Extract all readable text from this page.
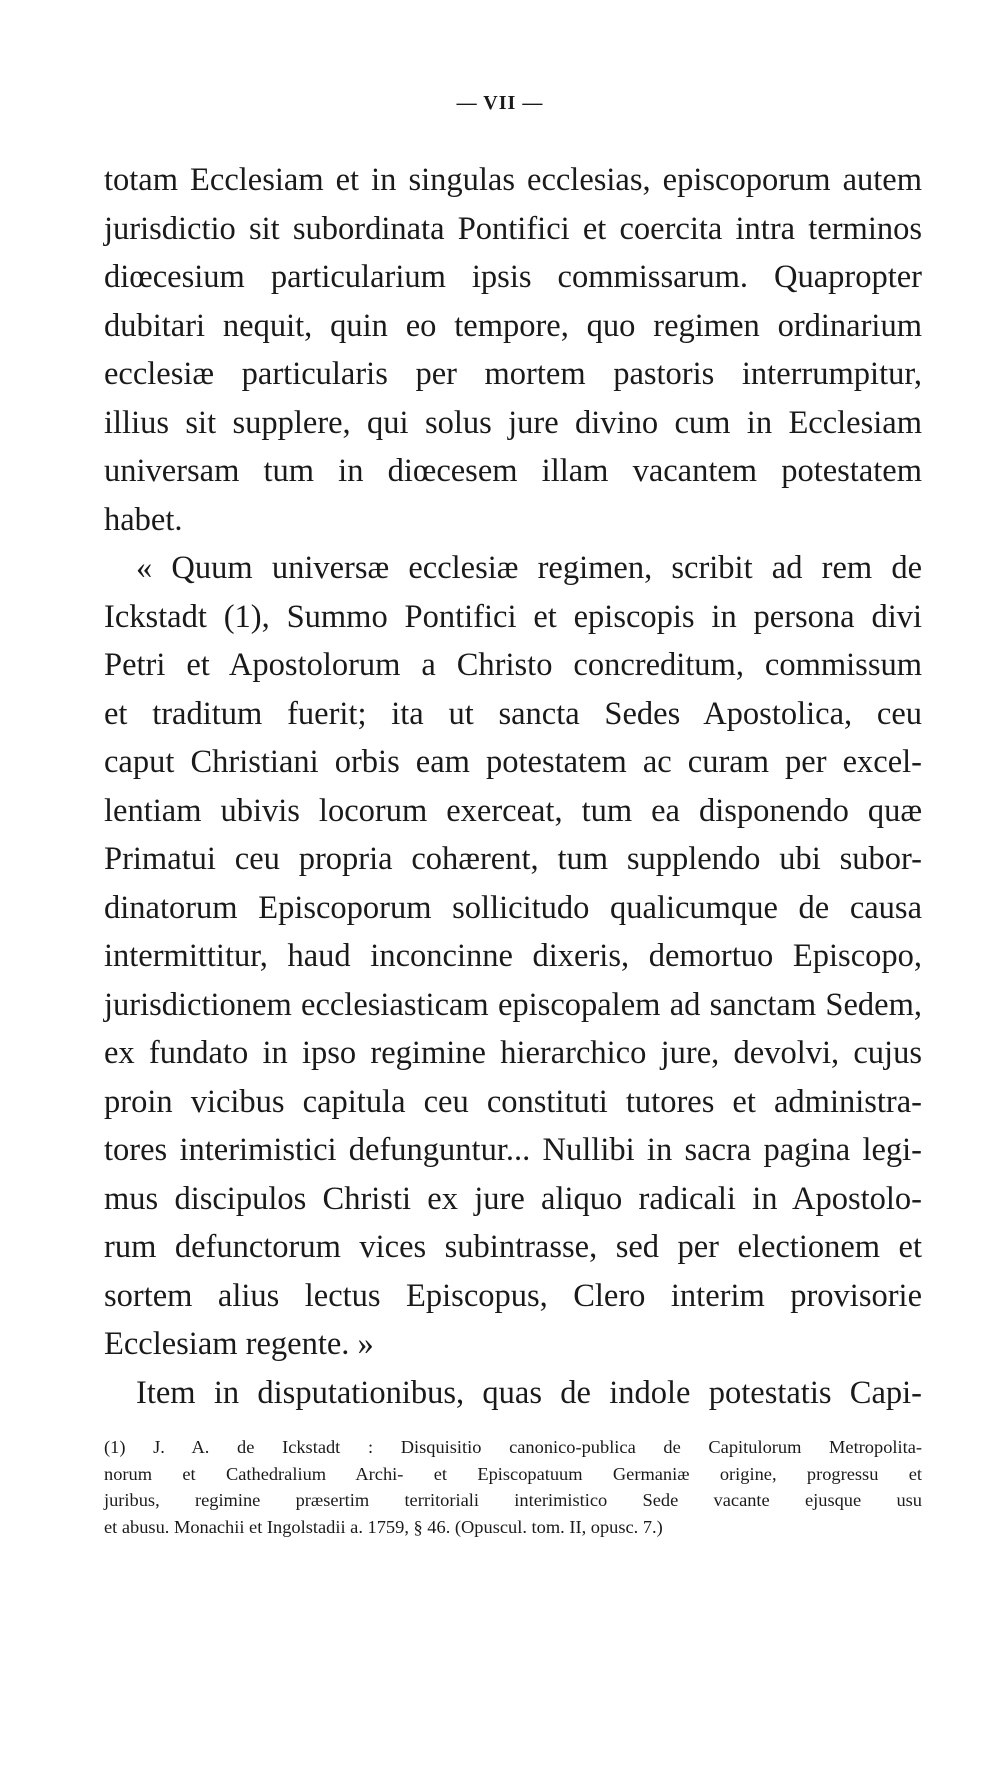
— VII —
totam Ecclesiam et in singulas ecclesias, episcoporum autem
jurisdictio sit subordinata Pontifici et coercita intra terminos
diœcesium particularium ipsis commissarum. Quapropter
dubitari nequit, quin eo tempore, quo regimen ordinarium
ecclesiæ particularis per mortem pastoris interrumpitur,
illius sit supplere, qui solus jure divino cum in Ecclesiam
universam tum in diœcesem illam vacantem potestatem
habet.
« Quum universæ ecclesiæ regimen, scribit ad rem de
Ickstadt (1), Summo Pontifici et episcopis in persona divi
Petri et Apostolorum a Christo concreditum, commissum
et traditum fuerit; ita ut sancta Sedes Apostolica, ceu
caput Christiani orbis eam potestatem ac curam per excel-
lentiam ubivis locorum exerceat, tum ea disponendo quæ
Primatui ceu propria cohærent, tum supplendo ubi subor-
dinatorum Episcoporum sollicitudo qualicumque de causa
intermittitur, haud inconcinne dixeris, demortuo Episcopo,
jurisdictionem ecclesiasticam episcopalem ad sanctam Sedem,
ex fundato in ipso regimine hierarchico jure, devolvi, cujus
proin vicibus capitula ceu constituti tutores et administra-
tores interimistici defunguntur... Nullibi in sacra pagina legi-
mus discipulos Christi ex jure aliquo radicali in Apostolo-
rum defunctorum vices subintrasse, sed per electionem et
sortem alius lectus Episcopus, Clero interim provisorie
Ecclesiam regente. »
Item in disputationibus, quas de indole potestatis Capi-
(1) J. A. de Ickstadt : Disquisitio canonico-publica de Capitulorum Metropolita-
norum et Cathedralium Archi- et Episcopatuum Germaniæ origine, progressu et
juribus, regimine præsertim territoriali interimistico Sede vacante ejusque usu
et abusu. Monachii et Ingolstadii a. 1759, § 46. (Opuscul. tom. II, opusc. 7.)
